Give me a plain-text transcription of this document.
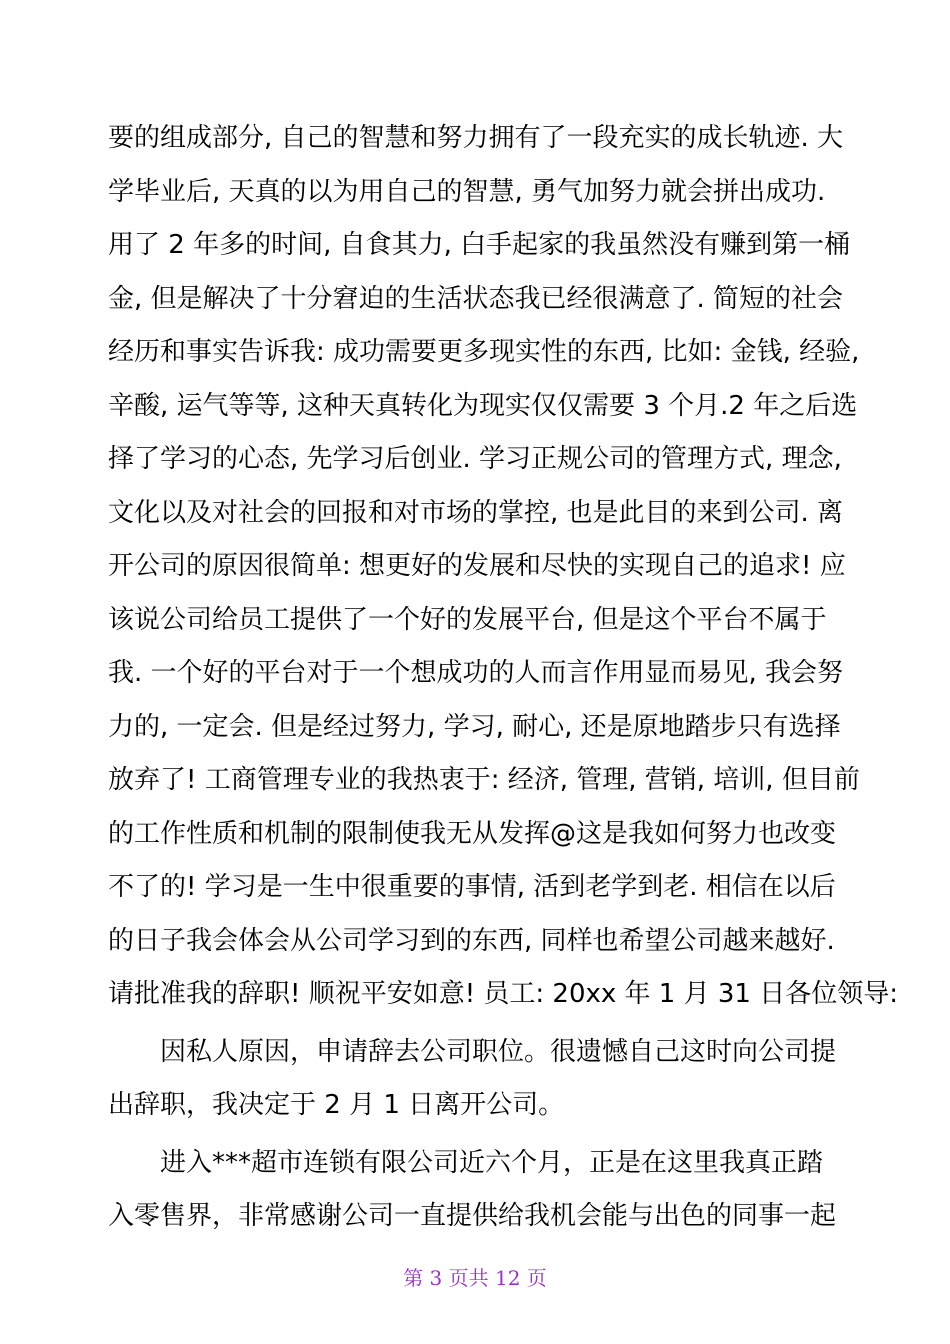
要的组成部分, 自己的智慧和努力拥有了一段充实的成长轨迹. 大
学毕业后, 天真的以为用自己的智慧, 勇气加努力就会拼出成功.
用了 2 年多的时间, 自食其力, 白手起家的我虽然没有赚到第一桶
金, 但是解决了十分窘迫的生活状态我已经很满意了. 简短的社会
经历和事实告诉我: 成功需要更多现实性的东西, 比如: 金钱, 经验,
辛酸, 运气等等, 这种天真转化为现实仅仅需要 3 个月.2 年之后选
择了学习的心态, 先学习后创业. 学习正规公司的管理方式, 理念,
文化以及对社会的回报和对市场的掌控, 也是此目的来到公司. 离
开公司的原因很简单: 想更好的发展和尽快的实现自己的追求! 应
该说公司给员工提供了一个好的发展平台, 但是这个平台不属于
我. 一个好的平台对于一个想成功的人而言作用显而易见, 我会努
力的, 一定会. 但是经过努力, 学习, 耐心, 还是原地踏步只有选择
放弃了! 工商管理专业的我热衷于: 经济, 管理, 营销, 培训, 但目前
的工作性质和机制的限制使我无从发挥@这是我如何努力也改变
不了的! 学习是一生中很重要的事情, 活到老学到老. 相信在以后
的日子我会体会从公司学习到的东西, 同样也希望公司越来越好.
请批准我的辞职! 顺祝平安如意! 员工: 20xx 年 1 月 31 日各位领导:
因私人原因，申请辞去公司职位。很遗憾自己这时向公司提
出辞职，我决定于 2 月 1 日离开公司。
进入***超市连锁有限公司近六个月，正是在这里我真正踏
入零售界，非常感谢公司一直提供给我机会能与出色的同事一起
第 3 页共 12 页
